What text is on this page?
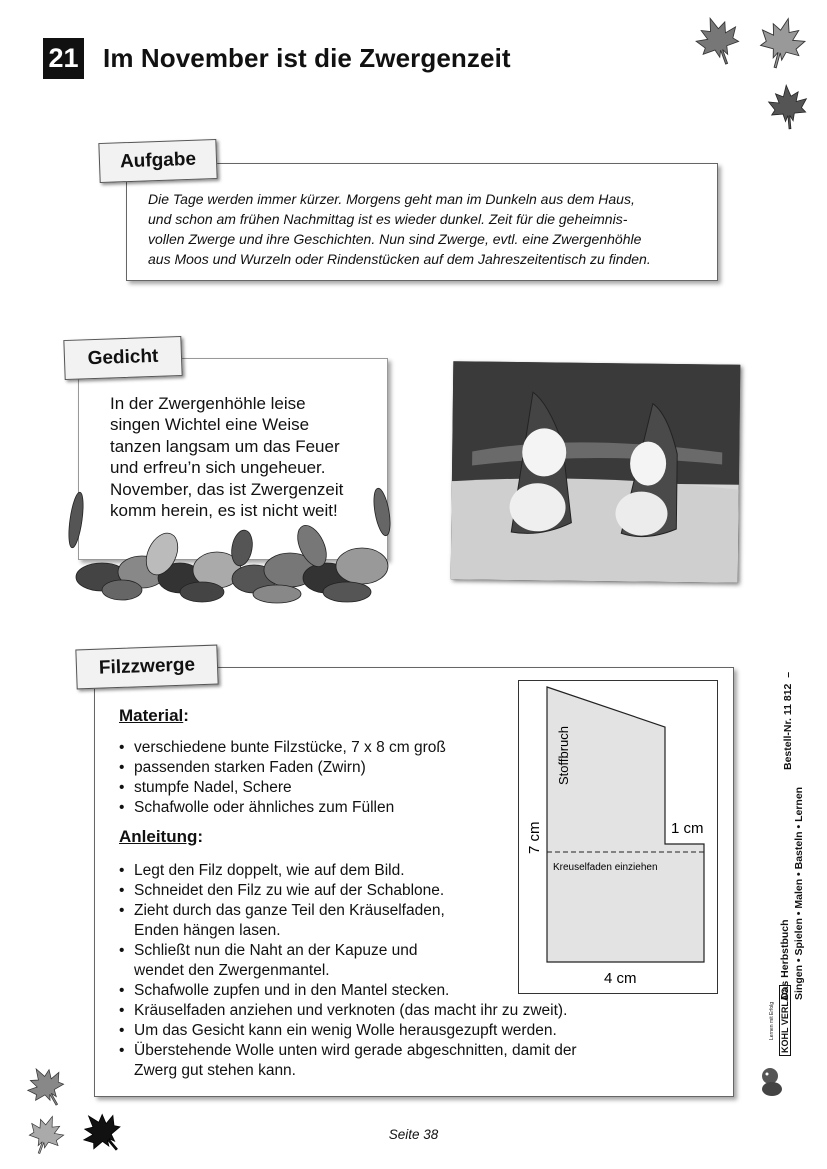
21 Im November ist die Zwergenzeit
Aufgabe
Die Tage werden immer kürzer. Morgens geht man im Dunkeln aus dem Haus,
und schon am frühen Nachmittag ist es wieder dunkel. Zeit für die geheimnis-
vollen Zwerge und ihre Geschichten. Nun sind Zwerge, evtl. eine Zwergenhöhle
aus Moos und Wurzeln oder Rindenstücken auf dem Jahreszeitentisch zu finden.
Gedicht
In der Zwergenhöhle leise
singen Wichtel eine Weise
tanzen langsam um das Feuer
und erfreu’n sich ungeheuer.
November, das ist Zwergenzeit
komm herein, es ist nicht weit!
Filzzwerge
Material:
• verschiedene bunte Filzstücke, 7 x 8 cm groß
• passenden starken Faden (Zwirn)
• stumpfe Nadel, Schere
• Schafwolle oder ähnliches zum Füllen
Anleitung:
• Legt den Filz doppelt, wie auf dem Bild.
• Schneidet den Filz zu wie auf der Schablone.
• Zieht durch das ganze Teil den Kräuselfaden,
Enden hängen lasen.
• Schließt nun die Naht an der Kapuze und
wendet den Zwergenmantel.
• Schafwolle zupfen und in den Mantel stecken.
• Kräuselfaden anziehen und verknoten (das macht ihr zu zweit).
• Um das Gesicht kann ein wenig Wolle herausgezupft werden.
• Überstehende Wolle unten wird gerade abgeschnitten, damit der
Zwerg gut stehen kann.
Kreuselfaden einziehen
Stoffbruch
7 cm	1 cm
4 cm
Bestell-Nr. 11 812  –
Singen • Spielen • Malen • Basteln • Lernen
Das Herbstbuch
KOHL VERLAG
Lernen mit Erfolg
Seite 38
